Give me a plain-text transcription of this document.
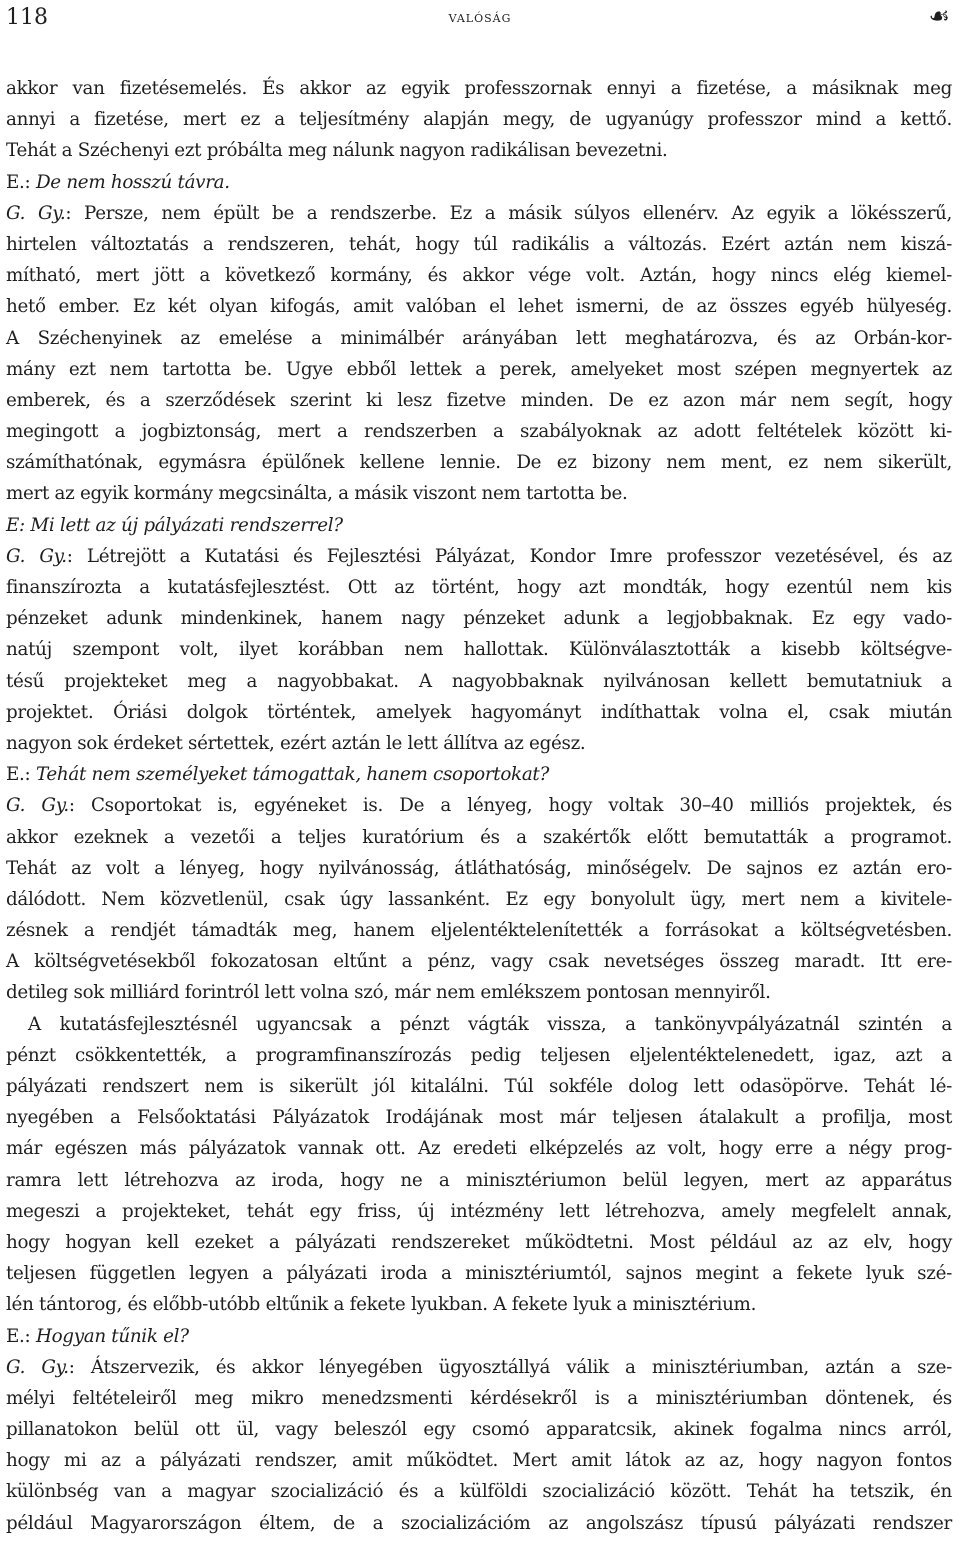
118	valóság	☙
akkor van fizetésemelés. És akkor az egyik professzornak ennyi a fizetése, a másiknak meg
annyi a fizetése, mert ez a teljesítmény alapján megy, de ugyanúgy professzor mind a kettő.
Tehát a Széchenyi ezt próbálta meg nálunk nagyon radikálisan bevezetni.
E.: De nem hosszú távra.
G. Gy.: Persze, nem épült be a rendszerbe. Ez a másik súlyos ellenérv. Az egyik a lökésszerű,
hirtelen változtatás a rendszeren, tehát, hogy túl radikális a változás. Ezért aztán nem kiszá-
mítható, mert jött a következő kormány, és akkor vége volt. Aztán, hogy nincs elég kiemel-
hető ember. Ez két olyan kifogás, amit valóban el lehet ismerni, de az összes egyéb hülyeség.
A Széchenyinek az emelése a minimálbér arányában lett meghatározva, és az Orbán-kor-
mány ezt nem tartotta be. Ugye ebből lettek a perek, amelyeket most szépen megnyertek az
emberek, és a szerződések szerint ki lesz fizetve minden. De ez azon már nem segít, hogy
megingott a jogbiztonság, mert a rendszerben a szabályoknak az adott feltételek között ki-
számíthatónak, egymásra épülőnek kellene lennie. De ez bizony nem ment, ez nem sikerült,
mert az egyik kormány megcsinálta, a másik viszont nem tartotta be.
E: Mi lett az új pályázati rendszerrel?
G. Gy.: Létrejött a Kutatási és Fejlesztési Pályázat, Kondor Imre professzor vezetésével, és az
finanszírozta a kutatásfejlesztést. Ott az történt, hogy azt mondták, hogy ezentúl nem kis
pénzeket adunk mindenkinek, hanem nagy pénzeket adunk a legjobbaknak. Ez egy vado-
natúj szempont volt, ilyet korábban nem hallottak. Különválasztották a kisebb költségve-
tésű projekteket meg a nagyobbakat. A nagyobbaknak nyilvánosan kellett bemutatniuk a
projektet. Óriási dolgok történtek, amelyek hagyományt indíthattak volna el, csak miután
nagyon sok érdeket sértettek, ezért aztán le lett állítva az egész.
E.: Tehát nem személyeket támogattak, hanem csoportokat?
G. Gy.: Csoportokat is, egyéneket is. De a lényeg, hogy voltak 30–40 milliós projektek, és
akkor ezeknek a vezetői a teljes kuratórium és a szakértők előtt bemutatták a programot.
Tehát az volt a lényeg, hogy nyilvánosság, átláthatóság, minőségelv. De sajnos ez aztán ero-
dálódott. Nem közvetlenül, csak úgy lassanként. Ez egy bonyolult ügy, mert nem a kivitele-
zésnek a rendjét támadták meg, hanem eljelentéktelenítették a forrásokat a költségvetésben.
A költségvetésekből fokozatosan eltűnt a pénz, vagy csak nevetséges összeg maradt. Itt ere-
detileg sok milliárd forintról lett volna szó, már nem emlékszem pontosan mennyiről.
A kutatásfejlesztésnél ugyancsak a pénzt vágták vissza, a tankönyvpályázatnál szintén a
pénzt csökkentették, a programfinanszírozás pedig teljesen eljelentéktelenedett, igaz, azt a
pályázati rendszert nem is sikerült jól kitalálni. Túl sokféle dolog lett odasöpörve. Tehát lé-
nyegében a Felsőoktatási Pályázatok Irodájának most már teljesen átalakult a profilja, most
már egészen más pályázatok vannak ott. Az eredeti elképzelés az volt, hogy erre a négy prog-
ramra lett létrehozva az iroda, hogy ne a minisztériumon belül legyen, mert az apparátus
megeszi a projekteket, tehát egy friss, új intézmény lett létrehozva, amely megfelelt annak,
hogy hogyan kell ezeket a pályázati rendszereket működtetni. Most például az az elv, hogy
teljesen független legyen a pályázati iroda a minisztériumtól, sajnos megint a fekete lyuk szé-
lén tántorog, és előbb-utóbb eltűnik a fekete lyukban. A fekete lyuk a minisztérium.
E.: Hogyan tűnik el?
G. Gy.: Átszervezik, és akkor lényegében ügyosztállyá válik a minisztériumban, aztán a sze-
mélyi feltételeiről meg mikro menedzsmenti kérdésekről is a minisztériumban döntenek, és
pillanatokon belül ott ül, vagy beleszól egy csomó apparatcsik, akinek fogalma nincs arról,
hogy mi az a pályázati rendszer, amit működtet. Mert amit látok az az, hogy nagyon fontos
különbség van a magyar szocializáció és a külföldi szocializáció között. Tehát ha tetszik, én
például Magyarországon éltem, de a szocializációm az angolszász típusú pályázati rendszer
